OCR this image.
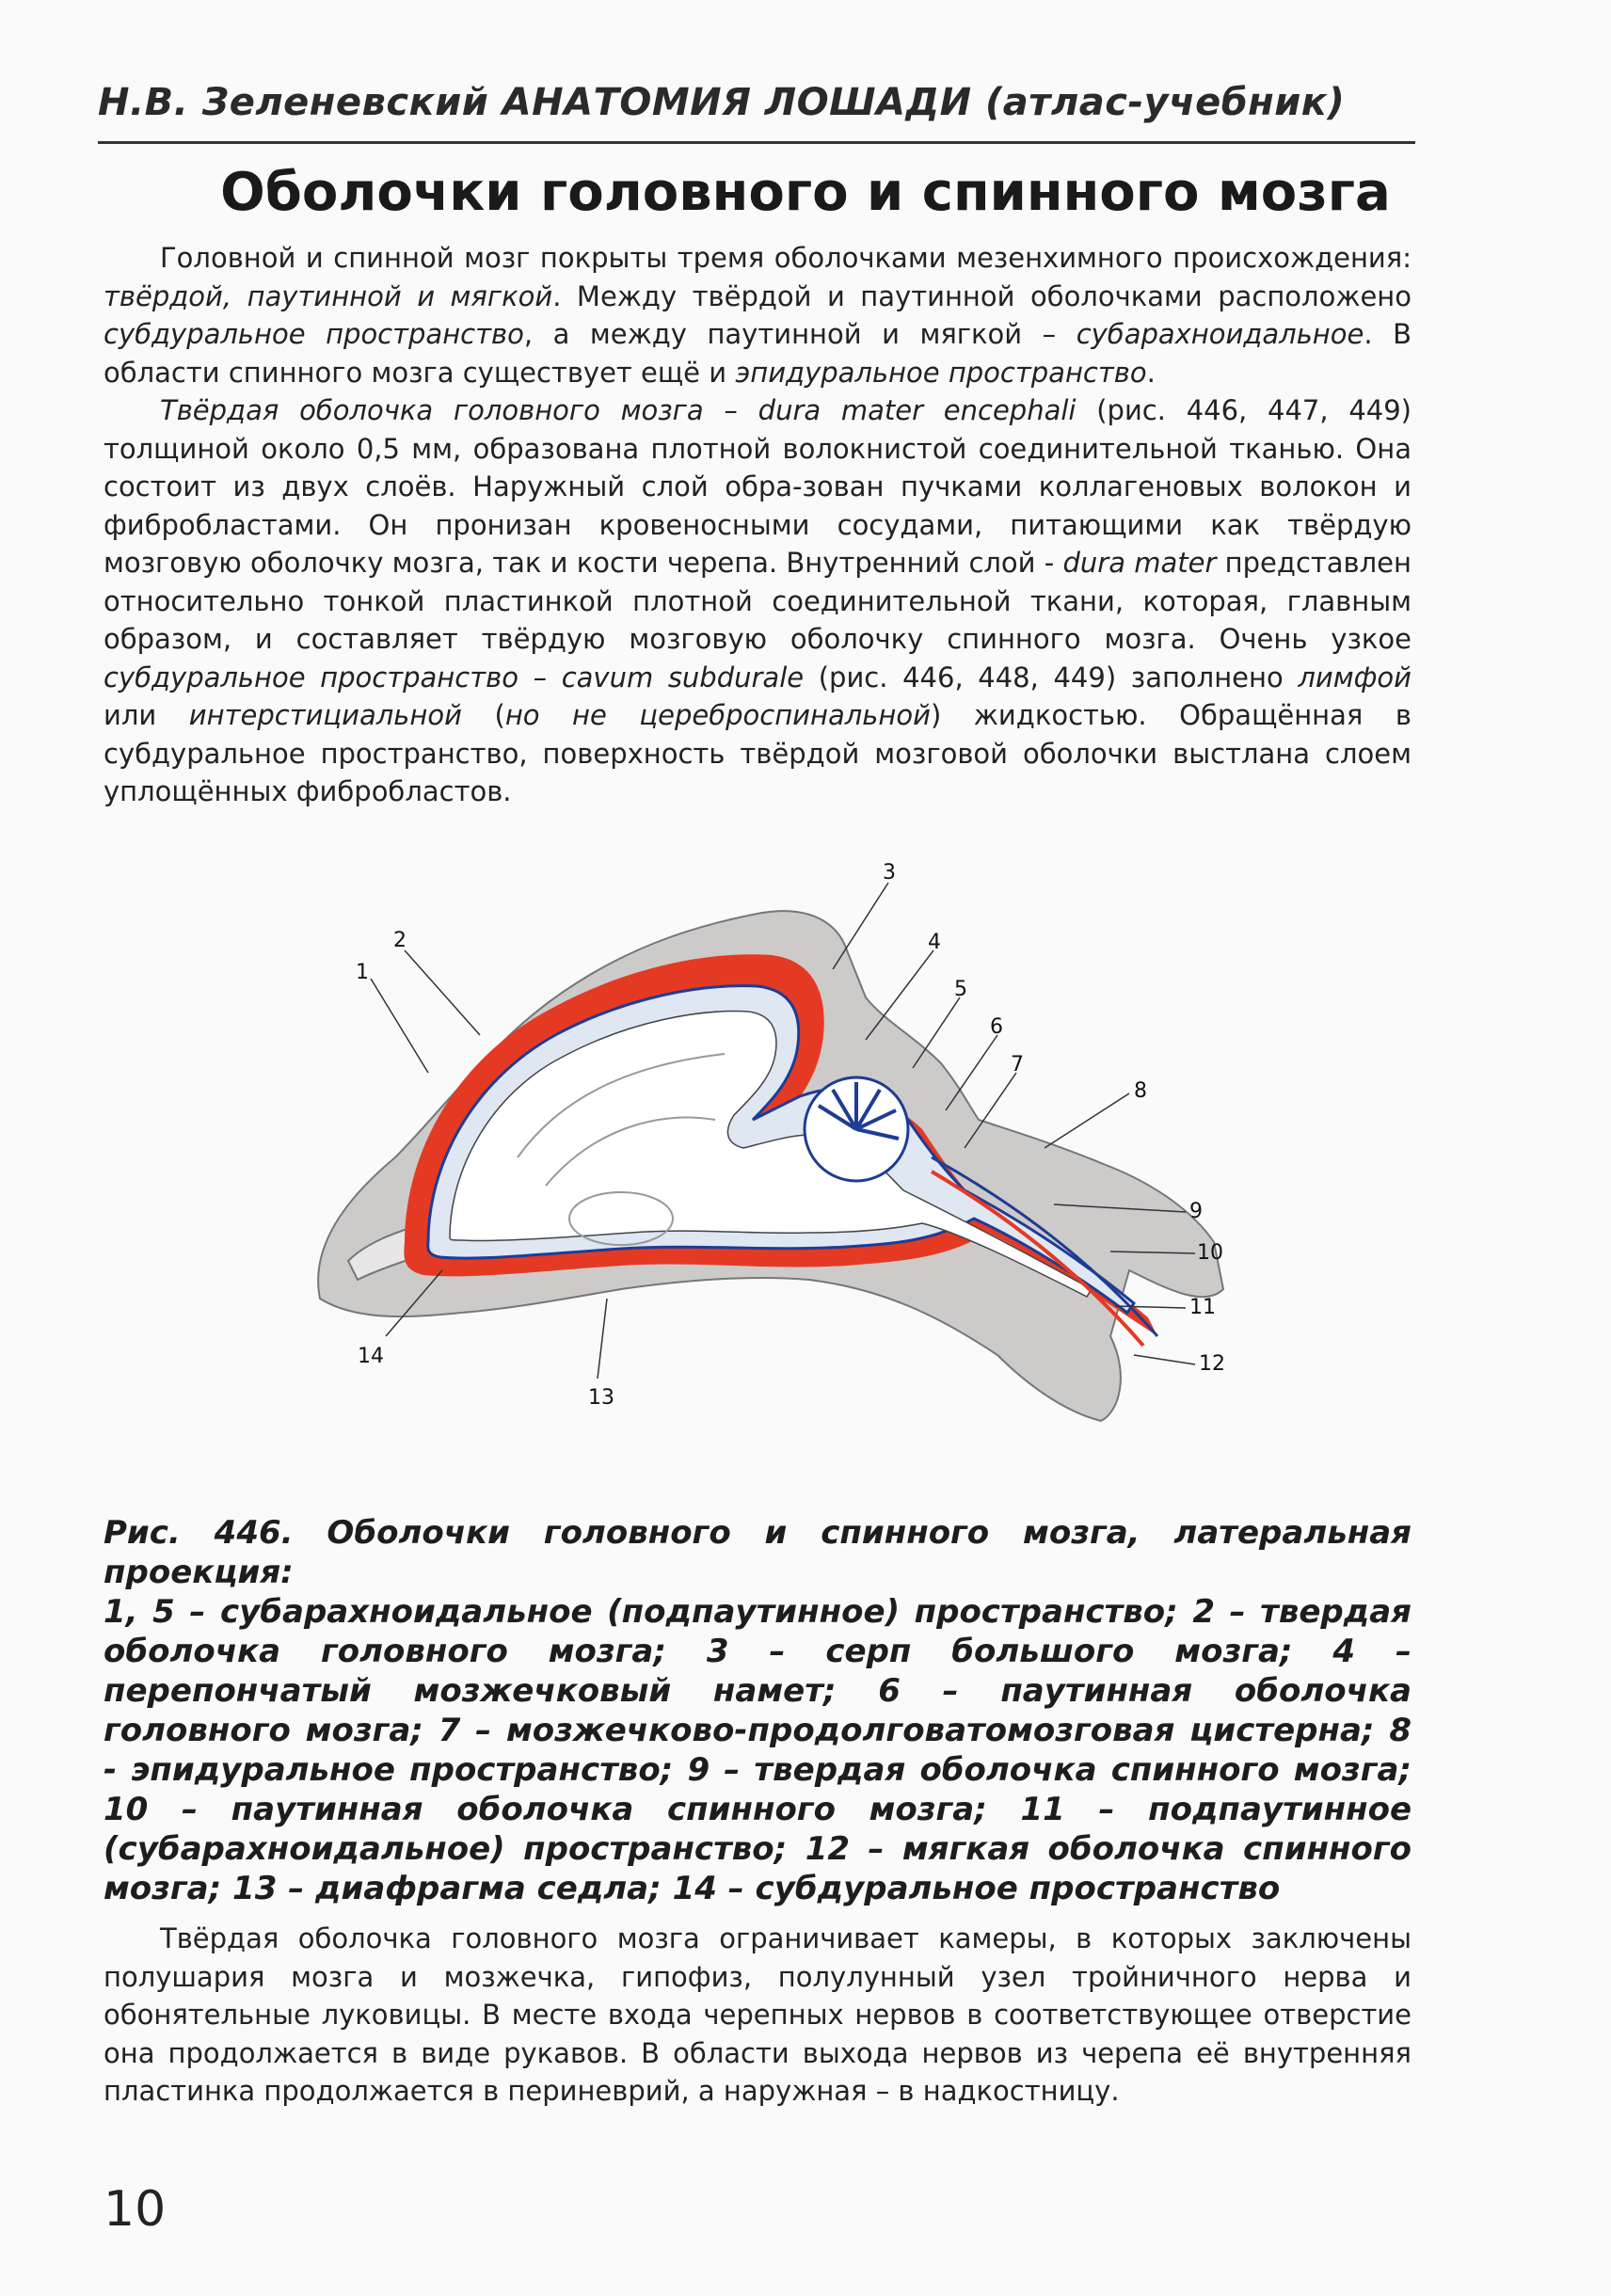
Н.В. Зеленевский АНАТОМИЯ ЛОШАДИ (атлас-учебник)
Оболочки головного и спинного мозга

Головной и спинной мозг покрыты тремя оболочками мезенхимного происхождения: твёрдой, паутинной и мягкой. Между твёрдой и паутинной оболочками расположено субдуральное пространство, а между паутинной и мягкой – субарахноидальное. В области спинного мозга существует ещё и эпидуральное пространство.

Твёрдая оболочка головного мозга – dura mater encephali (рис. 446, 447, 449) толщиной около 0,5 мм, образована плотной волокнистой соединительной тканью. Она состоит из двух слоёв. Наружный слой обра-зован пучками коллагеновых волокон и фибробластами. Он пронизан кровеносными сосудами, питающими как твёрдую мозговую оболочку мозга, так и кости черепа. Внутренний слой - dura mater представлен относительно тонкой пластинкой плотной соединительной ткани, которая, главным образом, и составляет твёрдую мозговую оболочку спинного мозга. Очень узкое субдуральное пространство – cavum subdurale (рис. 446, 448, 449) заполнено лимфой или интерстициальной (но не цереброспинальной) жидкостью. Обращённая в субдуральное пространство, поверхность твёрдой мозговой оболочки выстлана слоем уплощённых фибробластов.

1
2
3
4
5
6
7
8
9
10
11
12
13
14

Рис. 446. Оболочки головного и спинного мозга, латеральная проекция:

1, 5 – субарахноидальное (подпаутинное) пространство; 2 – твердая оболочка головного мозга; 3 – серп большого мозга; 4 – перепончатый мозжечковый намет; 6 – паутинная оболочка головного мозга; 7 – мозжечково-продолговатомозговая цистерна; 8 - эпидуральное пространство; 9 – твердая оболочка спинного мозга; 10 – паутинная оболочка спинного мозга; 11 – подпаутинное (субарахноидальное) пространство; 12 – мягкая оболочка спинного мозга; 13 – диафрагма седла; 14 – субдуральное пространство

Твёрдая оболочка головного мозга ограничивает камеры, в которых заключены полушария мозга и мозжечка, гипофиз, полулунный узел тройничного нерва и обонятельные луковицы. В месте входа черепных нервов в соответствующее отверстие она продолжается в виде рукавов. В области выхода нервов из черепа её внутренняя пластинка продолжается в периневрий, а наружная – в надкостницу.

10
